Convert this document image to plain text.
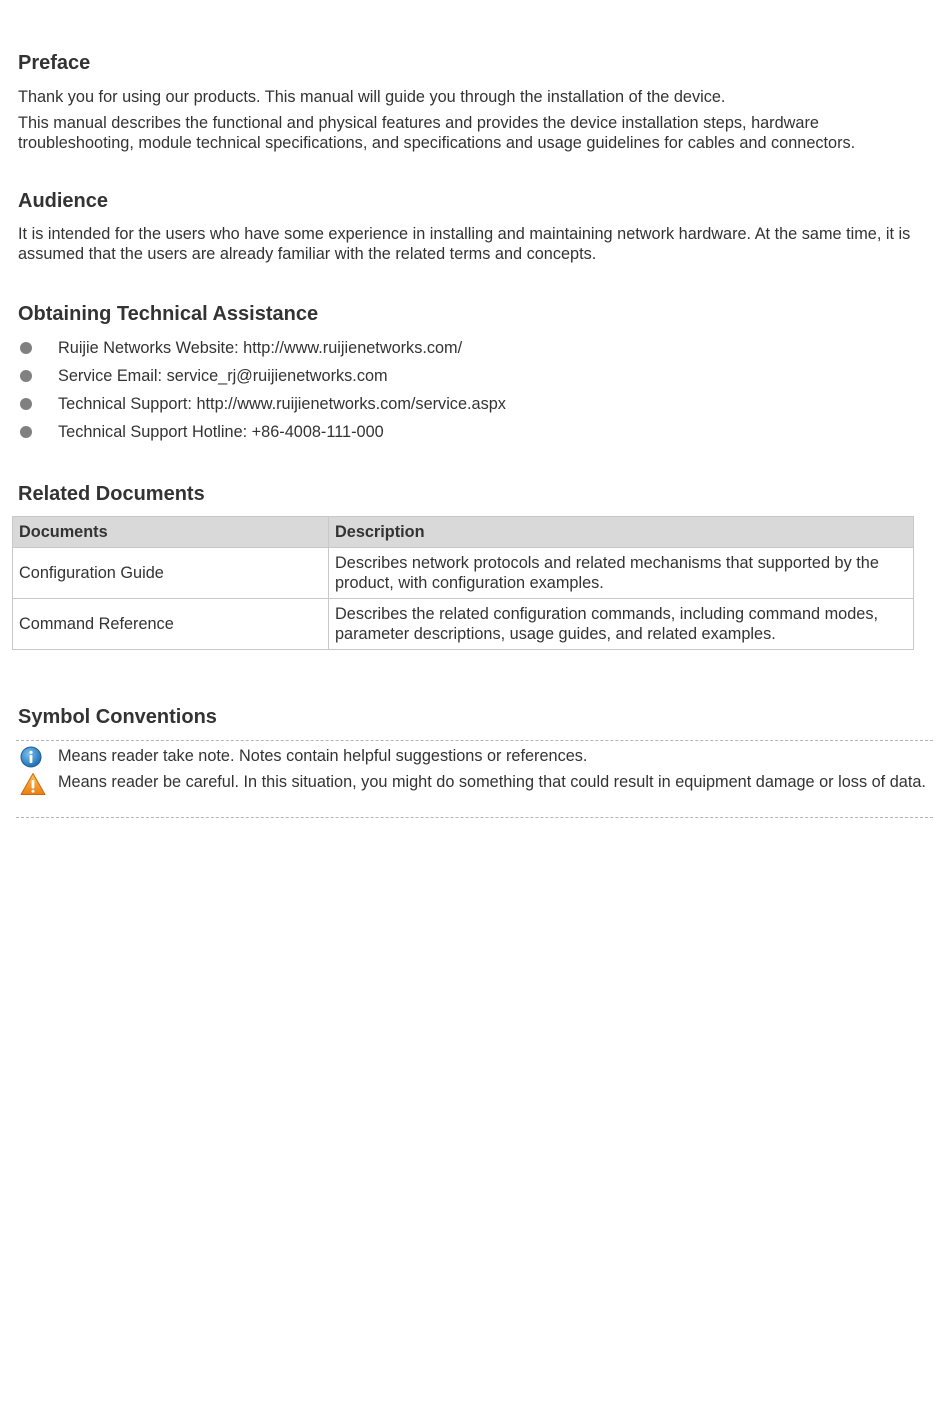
Preface

Thank you for using our products. This manual will guide you through the installation of the device.

This manual describes the functional and physical features and provides the device installation steps, hardware troubleshooting, module technical specifications, and specifications and usage guidelines for cables and connectors.

Audience

It is intended for the users who have some experience in installing and maintaining network hardware. At the same time, it is assumed that the users are already familiar with the related terms and concepts.

Obtaining Technical Assistance
Ruijie Networks Website: http://www.ruijienetworks.com/
Service Email: service_rj@ruijienetworks.com
Technical Support: http://www.ruijienetworks.com/service.aspx
Technical Support Hotline: +86-4008-111-000
Related Documents
Documents	Description
Configuration Guide	Describes network protocols and related mechanisms that supported by the product, with configuration examples.
Command Reference	Describes the related configuration commands, including command modes, parameter descriptions, usage guides, and related examples.
Symbol Conventions
Means reader take note. Notes contain helpful suggestions or references.
Means reader be careful. In this situation, you might do something that could result in equipment damage or loss of data.
